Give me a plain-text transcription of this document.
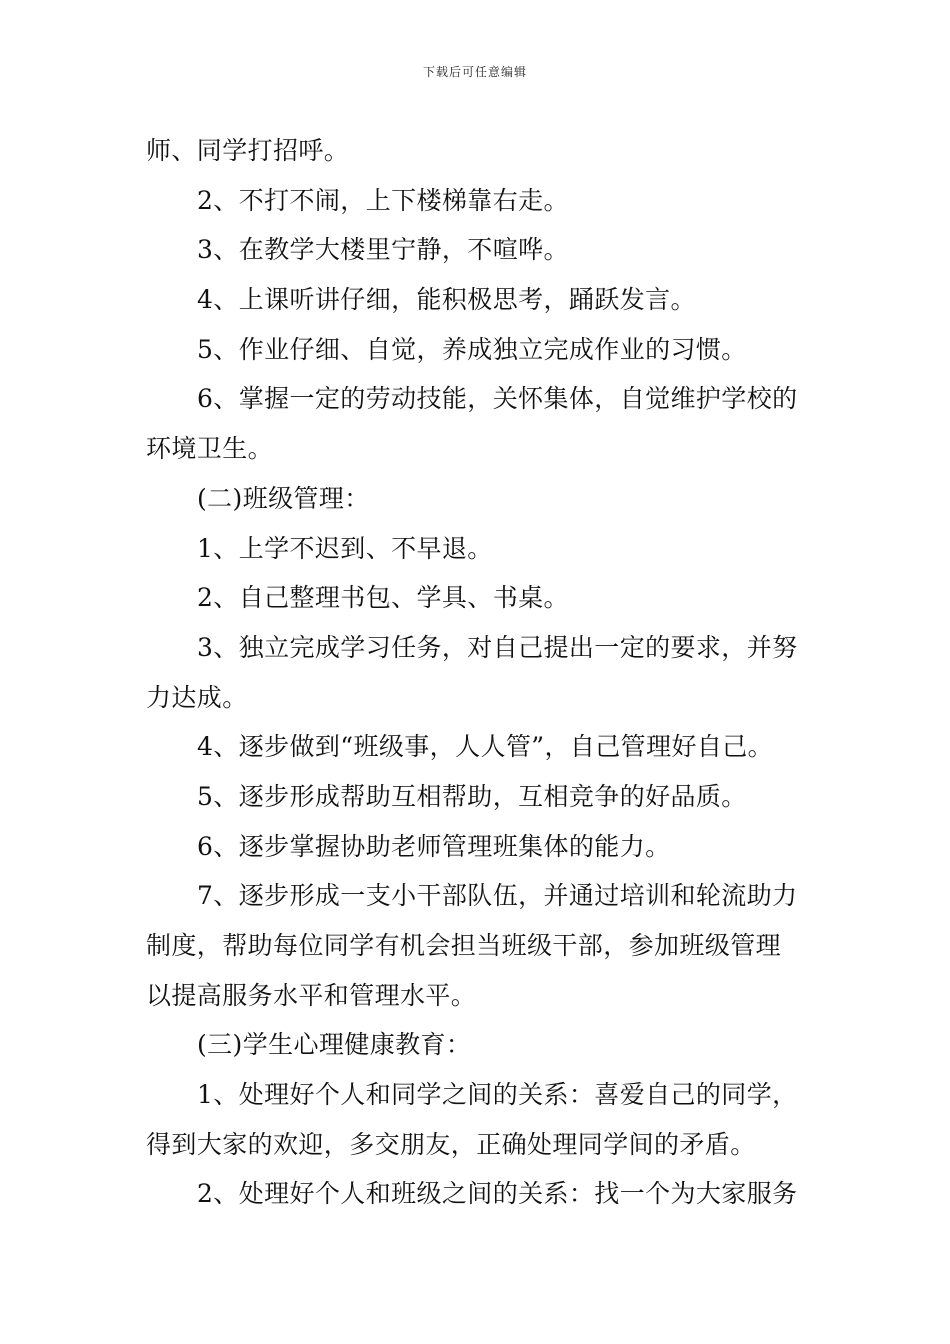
下载后可任意编辑
师、同学打招呼。
2、不打不闹，上下楼梯靠右走。
3、在教学大楼里宁静，不喧哗。
4、上课听讲仔细，能积极思考，踊跃发言。
5、作业仔细、自觉，养成独立完成作业的习惯。
6、掌握一定的劳动技能，关怀集体，自觉维护学校的
环境卫生。
(二)班级管理：
1、上学不迟到、不早退。
2、自己整理书包、学具、书桌。
3、独立完成学习任务，对自己提出一定的要求，并努
力达成。
4、逐步做到“班级事，人人管”，自己管理好自己。
5、逐步形成帮助互相帮助，互相竞争的好品质。
6、逐步掌握协助老师管理班集体的能力。
7、逐步形成一支小干部队伍，并通过培训和轮流助力
制度，帮助每位同学有机会担当班级干部，参加班级管理
以提高服务水平和管理水平。
(三)学生心理健康教育：
1、处理好个人和同学之间的关系：喜爱自己的同学，
得到大家的欢迎，多交朋友，正确处理同学间的矛盾。
2、处理好个人和班级之间的关系：找一个为大家服务
